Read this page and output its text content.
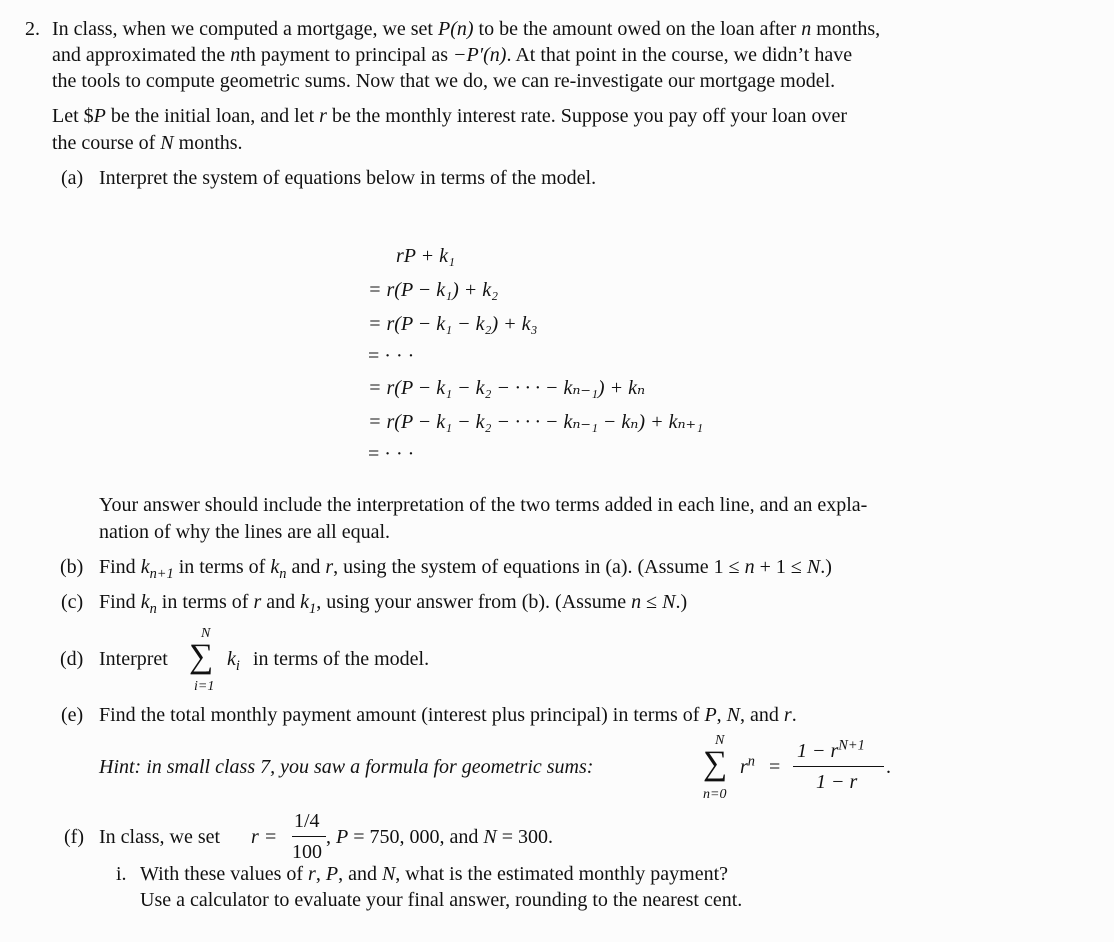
2. In class, when we computed a mortgage, we set P(n) to be the amount owed on the loan after n months,
and approximated the nth payment to principal as −P′(n). At that point in the course, we didn’t have
the tools to compute geometric sums. Now that we do, we can re-investigate our mortgage model.
Let $P be the initial loan, and let r be the monthly interest rate. Suppose you pay off your loan over
the course of N months.
(a) Interpret the system of equations below in terms of the model.
rP + k₁
= r(P − k₁) + k₂
= r(P − k₁ − k₂) + k₃
= · · ·
= r(P − k₁ − k₂ − · · · − kₙ₋₁) + kₙ
= r(P − k₁ − k₂ − · · · − kₙ₋₁ − kₙ) + kₙ₊₁
= · · ·
Your answer should include the interpretation of the two terms added in each line, and an expla-
nation of why the lines are all equal.
(b) Find $k_{n+1}$ in terms of $k_n$ and r, using the system of equations in (a). (Assume 1 ≤ n + 1 ≤ N.)
(c) Find $k_n$ in terms of r and $k_1$, using your answer from (b). (Assume n ≤ N.)
(d) Interpret
N
∑
i=1
$k_i$ in terms of the model.
(e) Find the total monthly payment amount (interest plus principal) in terms of P, N, and r.
Hint: in small class 7, you saw a formula for geometric sums:
N
∑
n=0
$r^n$ =
$1 - r^{N+1}$
1 − r
.
(f) In class, we set r =
1/4
100
, P = 750, 000, and N = 300.
i. With these values of r, P, and N, what is the estimated monthly payment?
Use a calculator to evaluate your final answer, rounding to the nearest cent.
